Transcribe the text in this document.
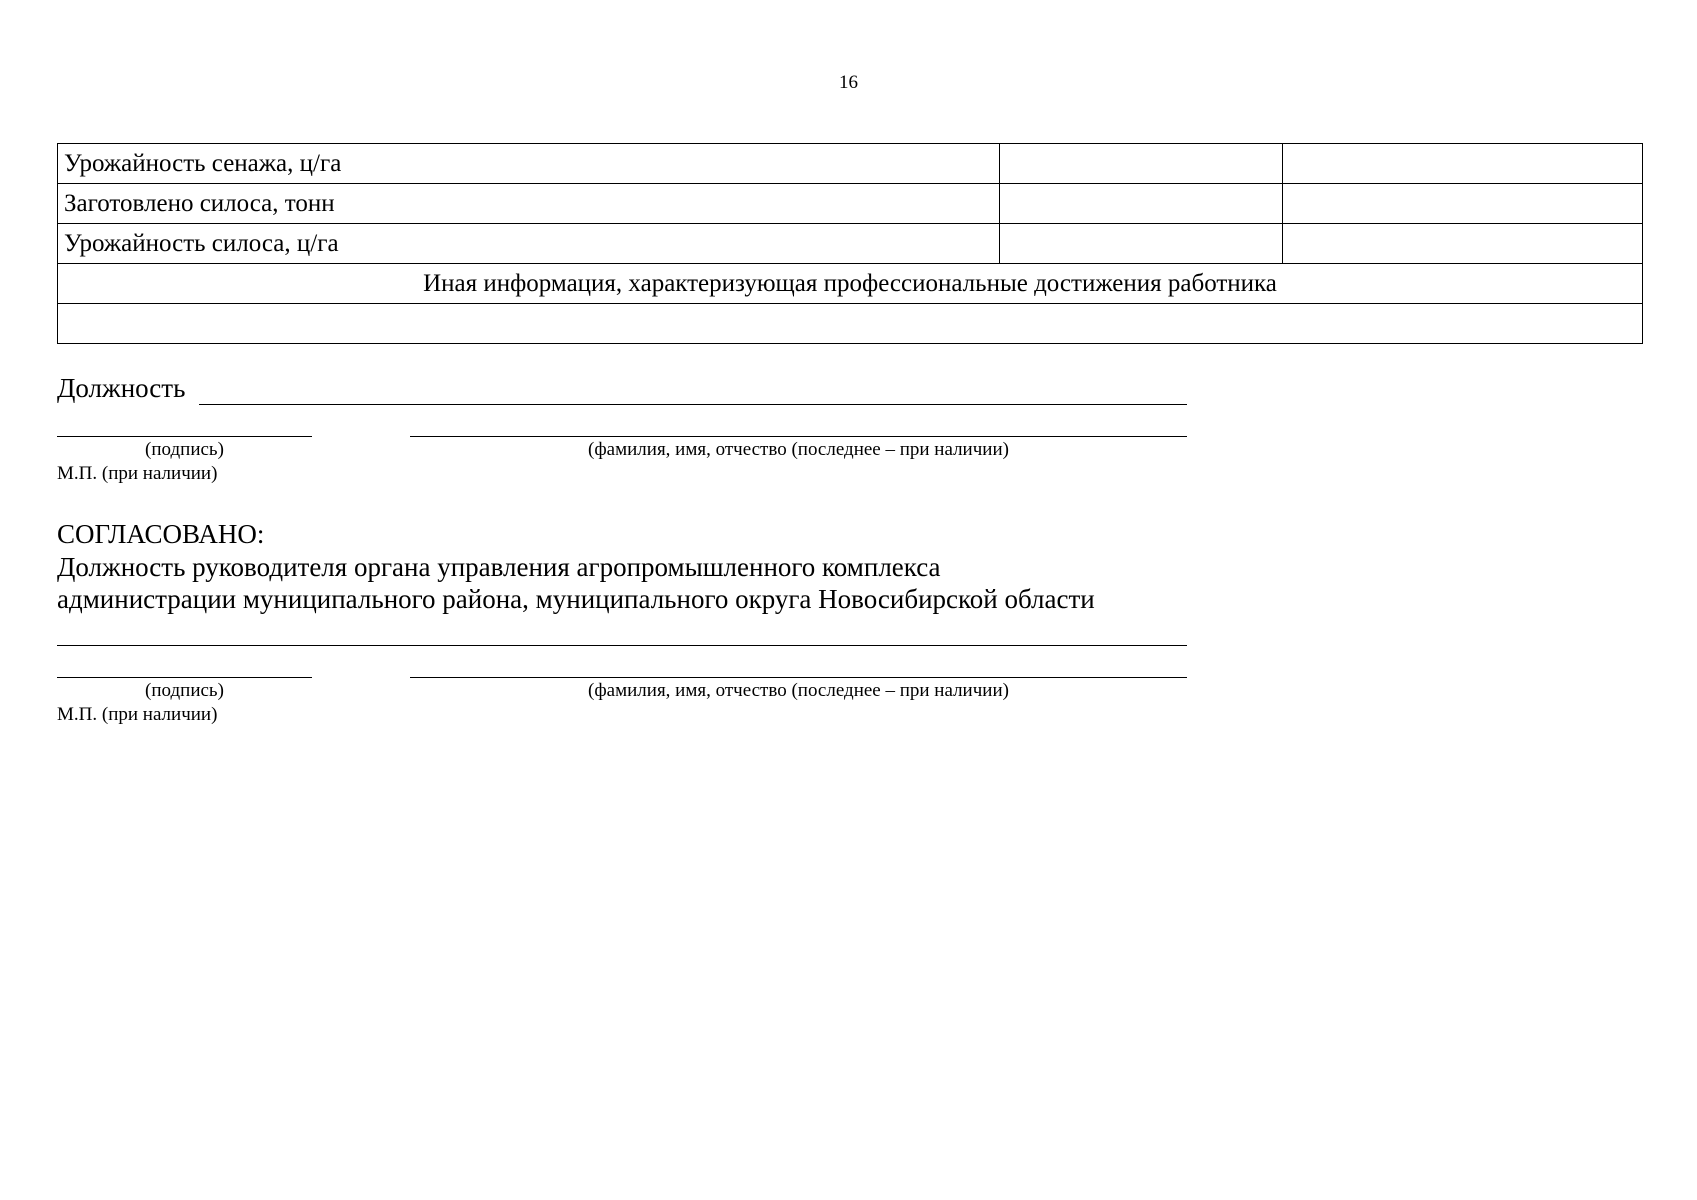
16
Урожайность сенажа, ц/га		
Заготовлено силоса, тонн		
Урожайность силоса, ц/га		
Иная информация, характеризующая профессиональные достижения работника		

Должность
(подпись)	(фамилия, имя, отчество (последнее – при наличии)
М.П. (при наличии)
СОГЛАСОВАНО:
Должность руководителя органа управления агропромышленного комплекса
администрации муниципального района, муниципального округа Новосибирской области
(подпись)	(фамилия, имя, отчество (последнее – при наличии)
М.П. (при наличии)
